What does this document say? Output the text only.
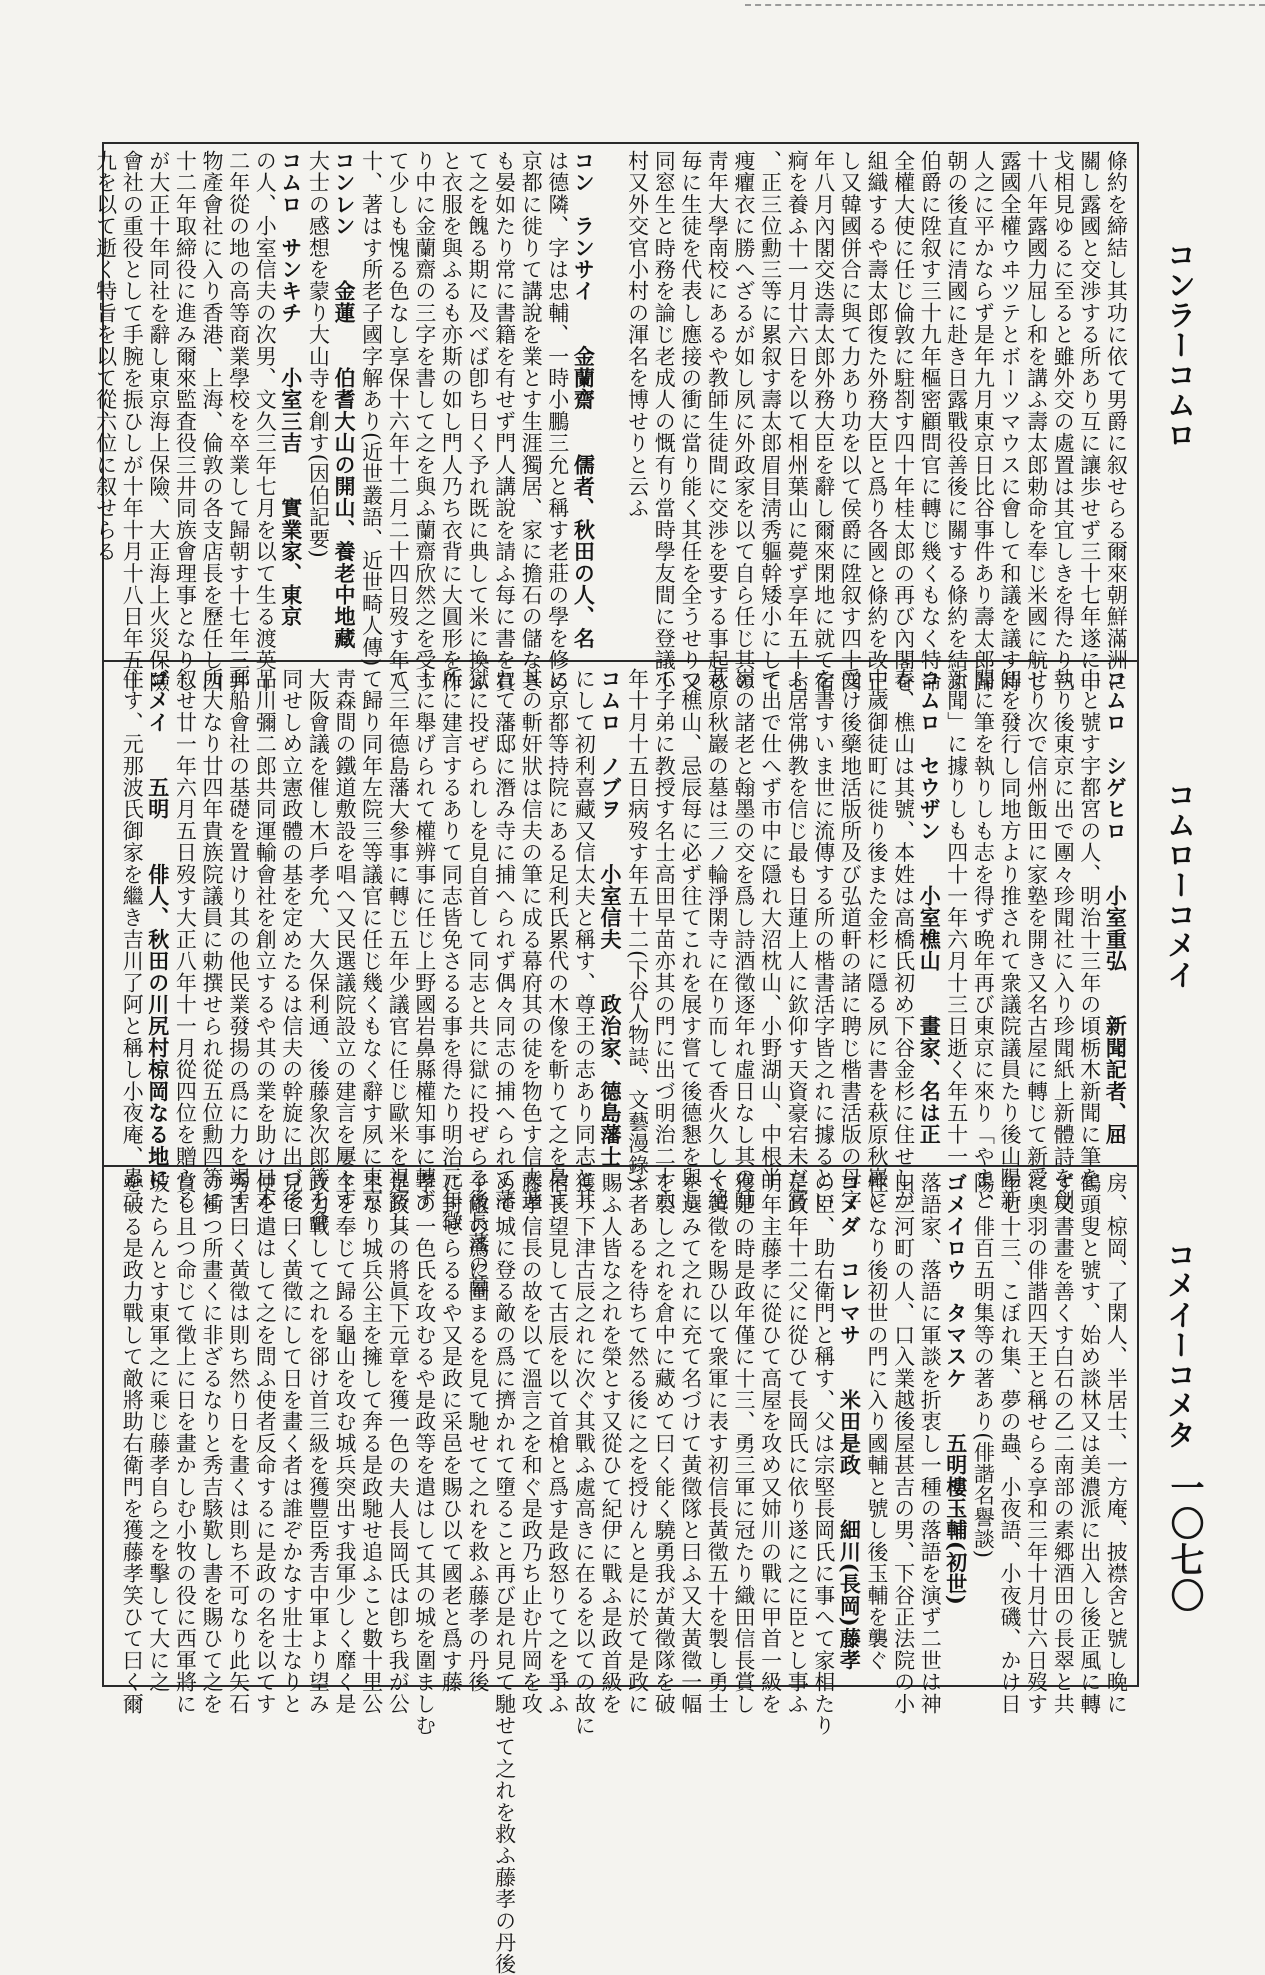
コンラーコムロ
コムローコメイ
コメイーコメタ
一〇七〇
條約を締結し其功に依て男爵に叙せらる爾來朝鮮滿洲に
關し露國と交渉する所あり互に讓歩せず三十七年遂に干
戈相見ゆるに至ると雖外交の處置は其宜しきを得たり三
十八年露國力屈し和を講ふ壽太郎勅命を奉じ米國に航し
露國全權ウヰツテとボーツマウスに會して和議を議す時
人之に平かならず是年九月東京日比谷事件あり壽太郎歸
朝の後直に清國に赴き日露戰役善後に關する條約を結ぶ
伯爵に陞叙す三十九年樞密顧問官に轉じ幾くもなく特命
全權大使に任じ倫敦に駐剳す四十年桂太郎の再び內閣を
組織するや壽太郎復た外務大臣と爲り各國と條約を改正
し又韓國併合に與て力あり功を以て侯爵に陞叙す四十四
年八月內閣交迭壽太郎外務大臣を辭し爾來閑地に就て宿
痾を養ふ十一月廿六日を以て相州葉山に薨ず享年五十七
、正三位勳三等に累叙す壽太郎眉目淸秀軀幹矮小にして
痩癯衣に勝へざるが如し夙に外政家を以て自ら任じ其の
靑年大學南校にあるや教師生徒間に交渉を要する事起る
毎に生徒を代表し應接の衝に當り能く其任を全うせり又
同窓生と時務を論じ老成人の慨有り當時學友間に登議小
村又外交官小村の渾名を博せりと云ふ
コン　ランサイ　　金蘭齋　　儒者、秋田の人、名
は德隣、字は忠輔、一時小鵬三允と稱す老莊の學を修め
京都に徙りて講說を業とす生涯獨居、家に擔石の儲なき
も晏如たり常に書籍を有せず門人講說を請ふ每に書を買
て之を餽る期に及べば卽ち日く予れ既に典して米に換ふ
と衣服を與ふるも亦斯の如し門人乃ち衣背に大圓形を作
り中に金蘭齋の三字を書して之を與ふ蘭齋欣然之を受う
て少しも愧る色なし享保十六年十二月二十四日歿す年八
十、著はす所老子國字解あり(近世叢語、近世畸人傳)
コンレン　　金蓮　　伯耆大山の開山、養老中地藏
大士の感想を蒙り大山寺を創す(因伯記要)
コムロ　サンキチ　　小室三吉　　實業家、東京
の人、小室信夫の次男、文久三年七月を以て生る渡英十
二年從の地の高等商業學校を卒業して歸朝す十七年三井
物產會社に入り香港、上海、倫敦の各支店長を歷任し四
十二年取締役に進み爾來監査役三井同族會理事となりし
が大正十年同社を辭し東京海上保險、大正海上火災保險
會社の重役として手腕を振ひしが十年十月十八日年五十
九を以て逝く特旨を以て從六位に叙せらる
コムロ　シゲヒロ　　小室重弘　　新聞記者、屈
山と號す宇都宮の人、明治十三年の頃栃木新聞に筆を
執り後東京に出で團々珍聞社に入り珍聞紙上新體詩を創
せり次で信州飯田に家塾を開き又名古屋に轉じて新愛
知を發行し同地方より推されて衆議院議員たり後山陽新
聞に筆を執りしも志を得ず晩年再び東京に來り「やまと
新聞」に據りしも四十一年六月十三日逝く年五十一
コムロ　セウザン　　小室樵山　　畫家、名は正
春、樵山は其號、本姓は高橋氏初め下谷金杉に住せしが
中歲御徒町に徙り後また金杉に隱る夙に書を萩原秋巖に
受け後藥地活版所及び弘道軒の諸に聘じ楷書活版の母字
を書すいま世に流傳する所の楷書活字皆之れに據るとい
ふ居常佛教を信じ最も日蓮上人に欽仰す天資豪宕未だ嘗
て出で仕へず市中に隱れ大沼枕山、小野湖山、中根半
嶺の諸老と翰墨の交を爲し詩酒徵逐年れ虛日なし其の師
萩原秋巖の墓は三ノ輪淨閑寺に在り而して香火久しく絕
つ樵山、忌辰每に必ず往てこれを展す嘗て後德懇を與し
て子弟に教授す名士高田早苗亦其の門に出づ明治二十六
年十月十五日病歿す年五十二(下谷人物誌、文藝漫錄)
コムロ　ノブヲ　　小室信夫　　政治家、德島藩士
にして初利喜藏又信太夫と稱す、尊王の志あり同志と共
に京都等持院にある足利氏累代の木像を斬りて之を梟す
其の斬奸狀は信夫の筆に成る幕府其の徒を物色す信夫遁
れて藩邸に潛み寺に捕へられず偶々同志の捕へられて藩
獄に投ぜられしを見自首して同志と共に獄に投ぜらる後長藩の幕
所に建言するありて同志皆免さるる事を得たり明治元年徵
士に舉げられて權辨事に任じ上野國岩鼻縣權知事に轉ず
て三年德島藩大參事に轉じ五年少議官に任じ歐米を視察し
て歸り同年左院三等議官に任じ幾くもなく辭す夙に東京
靑森間の鐵道敷設を唱へ又民選議院設立の建言を屢々す
大阪會議を催し木戶孝允、大久保利通、後藤象次郎等を會
同せしめ立憲政體の基を定めたるは信夫の幹旋に出づ後
品川彌二郎共同運輸會社を創立するや其の業を助け日本
郵船會社の基礎を置けり其の他民業發揚の爲に力を竭す
所大なり廿四年貴族院議員に勅撰せられ從五位勳四等に
叙せ廿一年六月五日歿す大正八年十一月從四位を贈らる
ゴメイ　　五明　　俳人、秋田の川尻村椋岡なる地に
住す、元那波氏御家を繼き吉川了阿と稱し小夜庵、蟲二
房、椋岡、了閑人、半居士、一方庵、披襟舍と號し晩に
鶴頭叟と號す、始め談林又は美濃派に出入し後正風に轉
ず又書畫を善くす白石の乙二南部の素郷酒田の長翠と共
に奧羽の俳諧四天王と稱せらる享和三年十月廿六日歿す
年七十三、こぼれ集、夢の蟲、小夜語、小夜磯、かけ日
陽、俳百五明集等の著あり(俳諧名譽談)
ゴメイロウ　タマスケ　　五明樓玉輔(初世)
落語家、落語に軍談を折衷し一種の落語を演ず二世は神
田三河町の人、口入業越後屋甚吉の男、下谷正法院の小
性となり後初世の門に入り國輔と號し後玉輔を襲ぐ
コメダ　コレマサ　　米田是政　　細川(長岡)藤孝
の臣、助右衛門と稱す、父は宗堅長岡氏に事へて家相たり
是政年十二父に從ひて長岡氏に依り遂に之に臣とし事ふ
明年主藤孝に從ひて高屋を攻め又姉川の戰に甲首一級を
獲是の時是政年僅に十三、勇三軍に冠たり織田信長賞し
て黃徵を賜ひ以て衆軍に表す初信長黃徵五十を製し勇士
を選みて之れに充て名づけて黃徵隊と曰ふ又大黃徵一幅
を製し之れを倉中に藏めて曰く能く驍勇我が黃徵隊を破
ふ者あるを待ちて然る後に之を授けんと是に於て是政に
賜ふ人皆な之れを榮とす又從ひて紀伊に戰ふ是政首級を
獲り下津古辰之れに次ぐ其戰ふ處高きに在るを以ての故に
信長望見して古辰を以て首槍と爲す是政怒りて之を爭ふ
藤孝信長の故を以て溫言之を和ぐ是政乃ち止む片岡を攻
めて城に登る敵の爲に擠かれて墮ること再び是れ見て馳せて之れを救ふ藤孝の丹後
子敵の爲に圍まるを見て馳せて之れを救ふ藤孝の丹後
に封ぜらるるや又是政に采邑を賜ひ以て國老と爲す藤
孝の一色氏を攻むるや是政等を遣はして其の城を圍ましむ
是政其の將眞下元章を獲一色の夫人長岡氏は卽ち我が公
主なり城兵公主を擁して奔る是政馳せ追ふこと數十里公
主を奉じて歸る龜山を攻む城兵突出す我軍少しく靡く是
政力戰して之れを郤け首三級を獲豐臣秀吉中軍より望み
見て曰く黃徵にして日を畫く者は誰ぞかなす壯士なりと
使を遣はして之を問ふ使者反命するに是政の名を以てす
秀吉曰く黃徵は則ち然り日を畫くは則ち不可なり此矢石
の衝つ所畫くに非ざるなりと秀吉駭歎し書を賜ひて之を
賞し且つ命じて徵上に日を畫かしむ小牧の役に西軍將に
玻たらんとす東軍之に乘じ藤孝自ら之を擊して大に之
を破る是政力戰して敵將助右衛門を獲藤孝笑ひて曰く爾
